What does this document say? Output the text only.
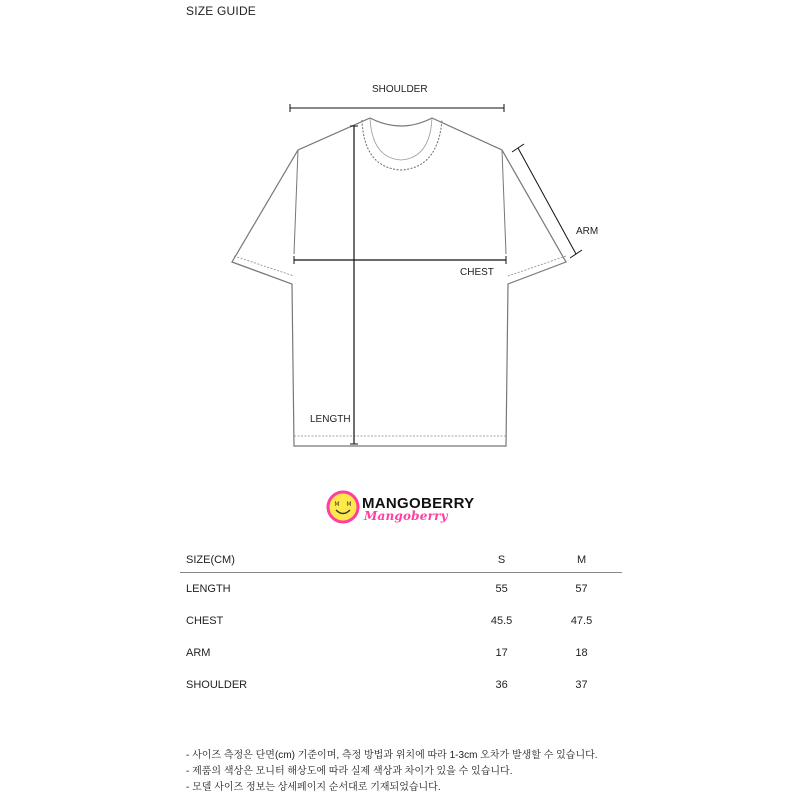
SIZE GUIDE
SHOULDER
ARM
CHEST
LENGTH
M M MANGOBERRY
Mangoberry
SIZE(CM)	S	M
LENGTH	55	57
CHEST	45.5	47.5
ARM	17	18
SHOULDER	36	37
- 사이즈 측정은 단면(cm) 기준이며, 측정 방법과 위치에 따라 1-3cm 오차가 발생할 수 있습니다.
- 제품의 색상은 모니터 해상도에 따라 실제 색상과 차이가 있을 수 있습니다.
- 모델 사이즈 정보는 상세페이지 순서대로 기재되었습니다.
